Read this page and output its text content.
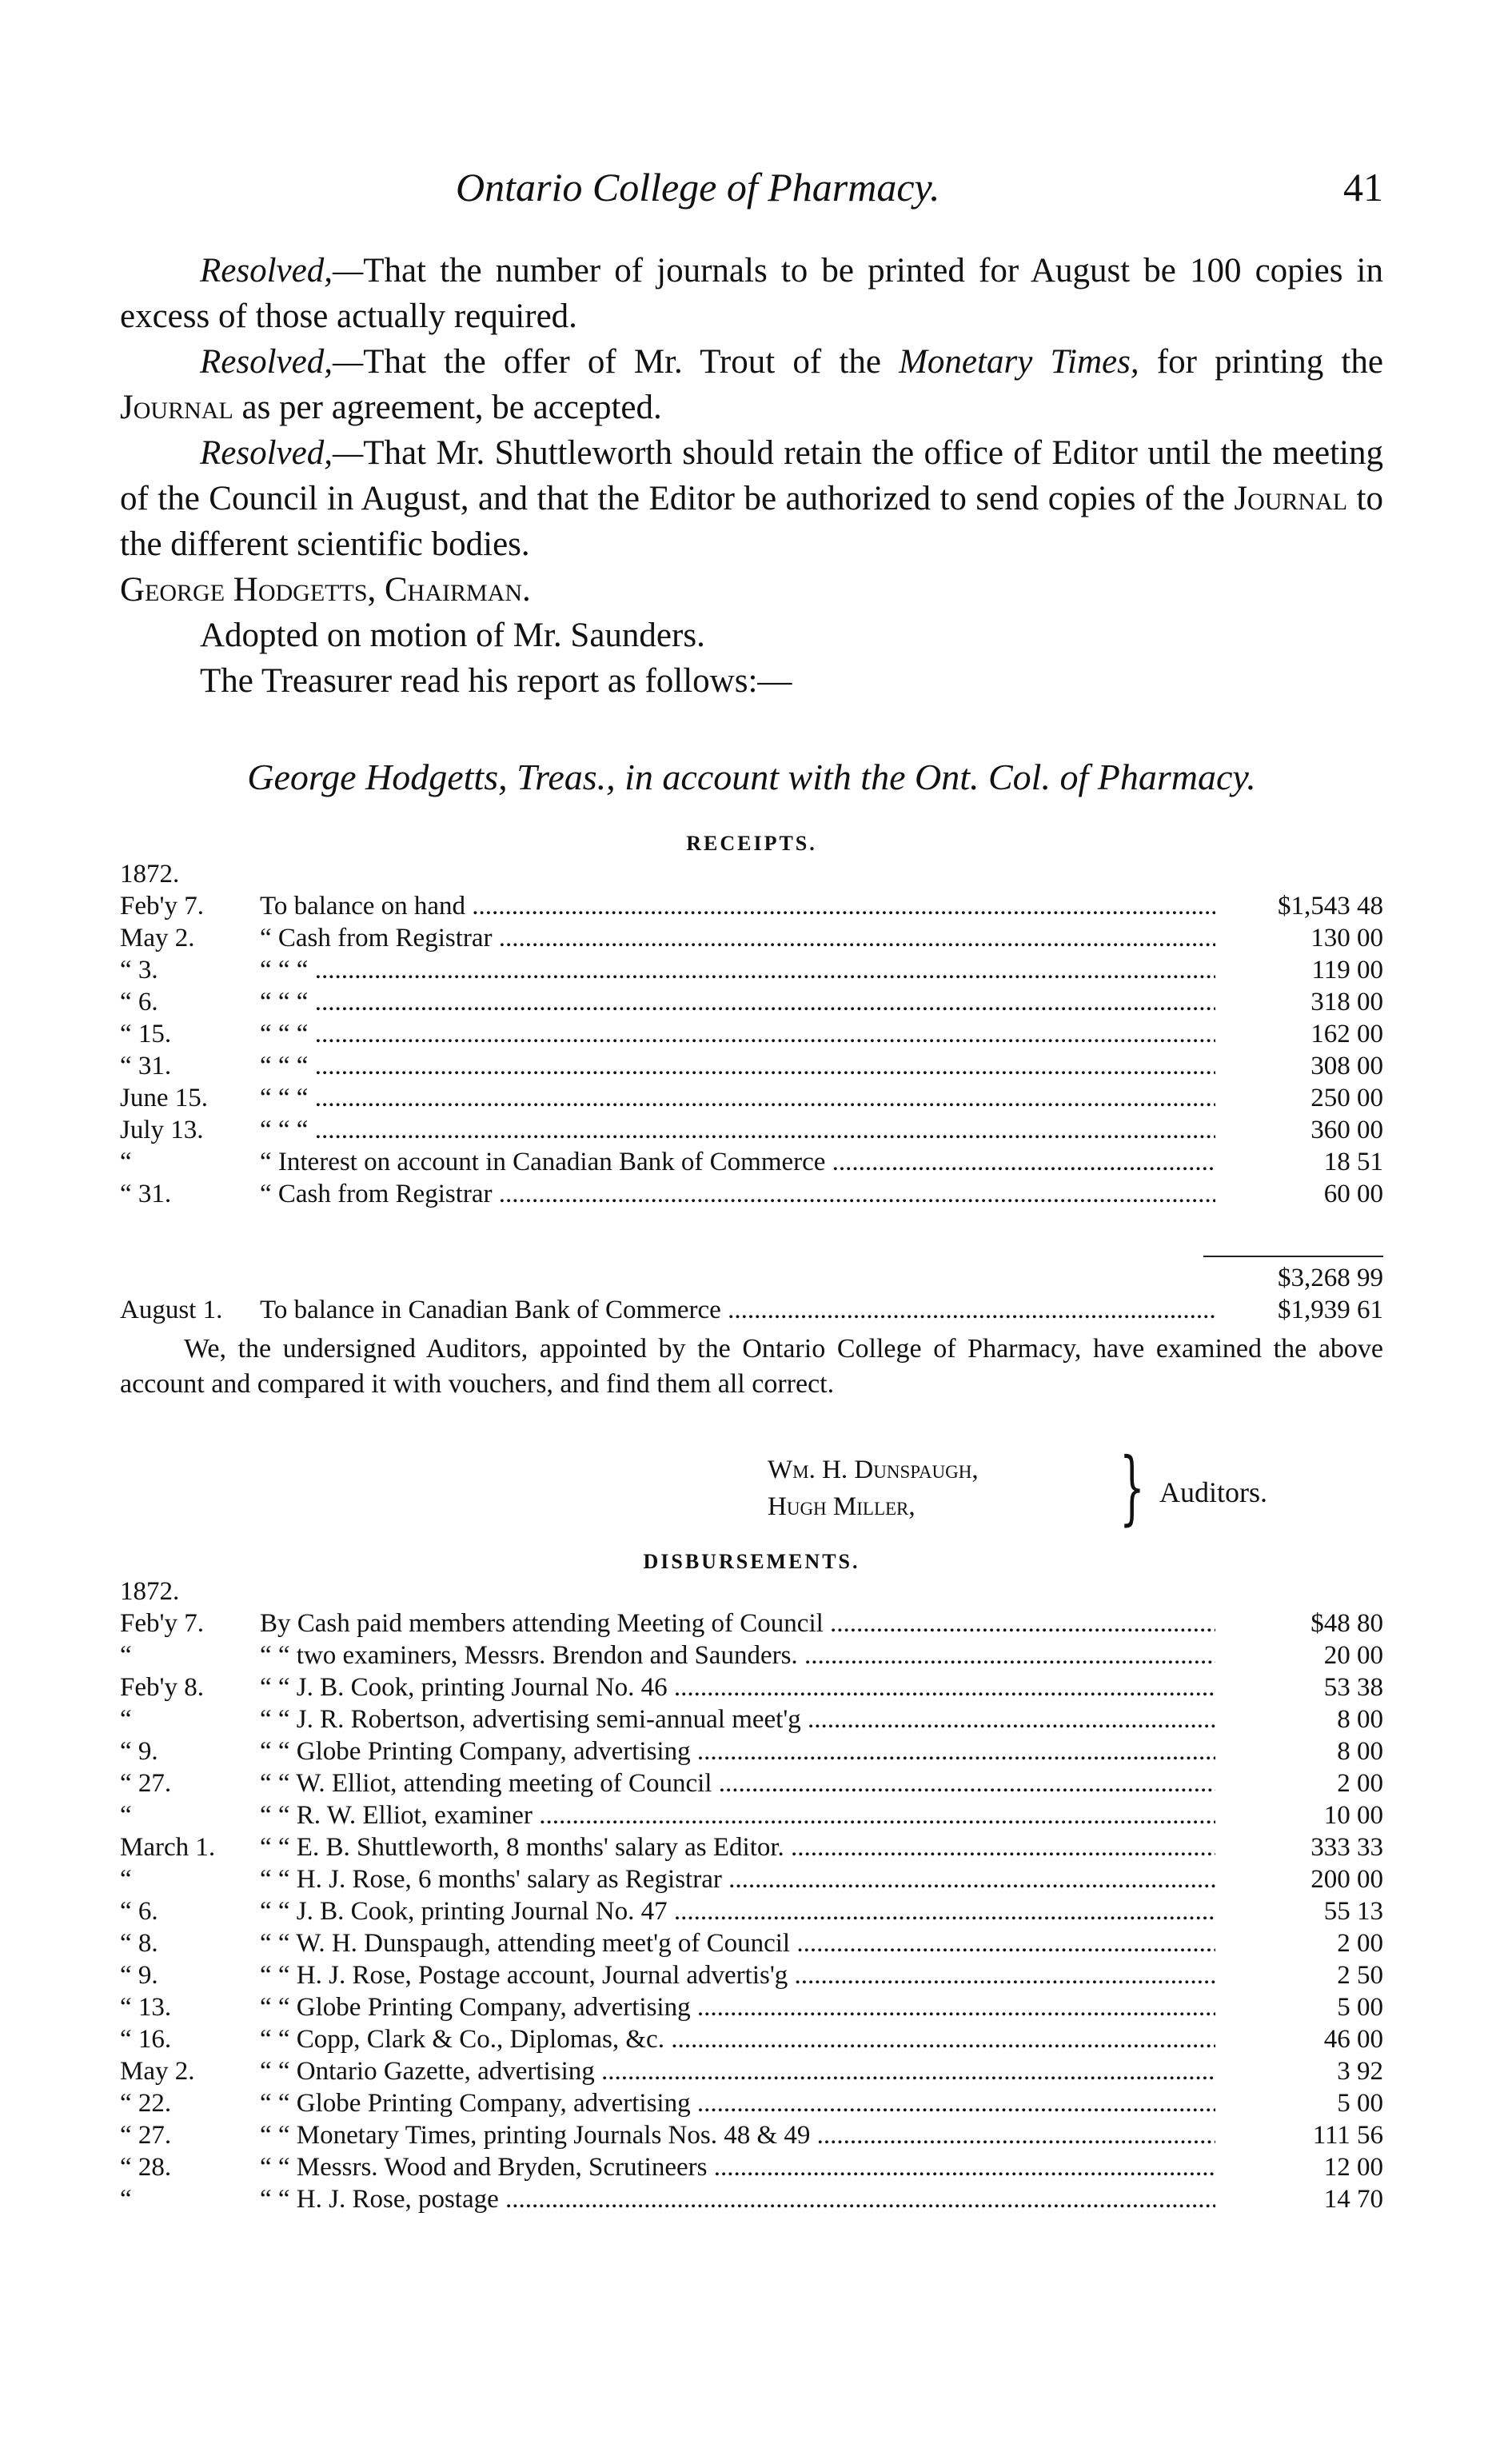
Ontario College of Pharmacy.	41

Resolved,—That the number of journals to be printed for August be 100 copies in excess of those actually required.

Resolved,—That the offer of Mr. Trout of the Monetary Times, for printing the Journal as per agreement, be accepted.

Resolved,—That Mr. Shuttleworth should retain the office of Editor until the meeting of the Council in August, and that the Editor be authorized to send copies of the Journal to the different scientific bodies.

George Hodgetts, Chairman.

Adopted on motion of Mr. Saunders.

The Treasurer read his report as follows:—

George Hodgetts, Treas., in account with the Ont. Col. of Pharmacy.
RECEIPTS.
1872.
Feb'y 7.	To balance on hand .....	$1,543 48
May 2.	“ Cash from Registrar .....	130 00
“ 3.	“ “ “ .....	119 00
“ 6.	“ “ “ .....	318 00
“ 15.	“ “ “ .....	162 00
“ 31.	“ “ “ .....	308 00
June 15.	“ “ “ .....	250 00
July 13.	“ “ “ .....	360 00
“	“ Interest on account in Canadian Bank of Commerce .....	18 51
“ 31.	“ Cash from Registrar .....	60 00
$3,268 99
August 1.	To balance in Canadian Bank of Commerce .....	$1,939 61

We, the undersigned Auditors, appointed by the Ontario College of Pharmacy, have examined the above account and compared it with vouchers, and find them all correct.

Wm. H. Dunspaugh,
Hugh Miller,	} Auditors.
DISBURSEMENTS.
1872.
Feb'y 7.	By Cash paid members attending Meeting of Council .....	$48 80
“	“ “ two examiners, Messrs. Brendon and Saunders. .....	20 00
Feb'y 8.	“ “ J. B. Cook, printing Journal No. 46 .....	53 38
“	“ “ J. R. Robertson, advertising semi-annual meet'g .....	8 00
“ 9.	“ “ Globe Printing Company, advertising .....	8 00
“ 27.	“ “ W. Elliot, attending meeting of Council .....	2 00
“	“ “ R. W. Elliot, examiner .....	10 00
March 1.	“ “ E. B. Shuttleworth, 8 months' salary as Editor. .....	333 33
“	“ “ H. J. Rose, 6 months' salary as Registrar .....	200 00
“ 6.	“ “ J. B. Cook, printing Journal No. 47 .....	55 13
“ 8.	“ “ W. H. Dunspaugh, attending meet'g of Council .....	2 00
“ 9.	“ “ H. J. Rose, Postage account, Journal advertis'g .....	2 50
“ 13.	“ “ Globe Printing Company, advertising .....	5 00
“ 16.	“ “ Copp, Clark & Co., Diplomas, &c. .....	46 00
May 2.	“ “ Ontario Gazette, advertising .....	3 92
“ 22.	“ “ Globe Printing Company, advertising .....	5 00
“ 27.	“ “ Monetary Times, printing Journals Nos. 48 & 49 .....	111 56
“ 28.	“ “ Messrs. Wood and Bryden, Scrutineers .....	12 00
“	“ “ H. J. Rose, postage .....	14 70
